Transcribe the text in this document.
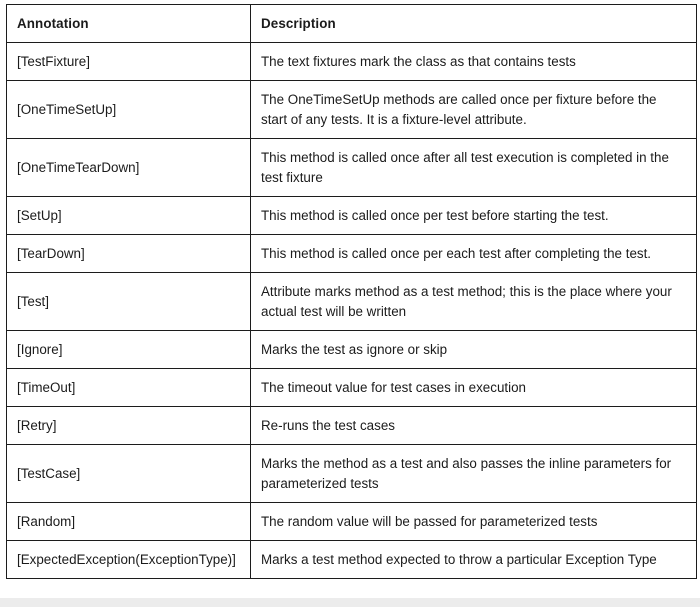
Annotation	Description
[TestFixture]	The text fixtures mark the class as that contains tests
[OneTimeSetUp]	The OneTimeSetUp methods are called once per fixture before the start of any tests. It is a fixture-level attribute.
[OneTimeTearDown]	This method is called once after all test execution is completed in the test fixture
[SetUp]	This method is called once per test before starting the test.
[TearDown]	This method is called once per each test after completing the test.
[Test]	Attribute marks method as a test method; this is the place where your actual test will be written
[Ignore]	Marks the test as ignore or skip
[TimeOut]	The timeout value for test cases in execution
[Retry]	Re-runs the test cases
[TestCase]	Marks the method as a test and also passes the inline parameters for parameterized tests
[Random]	The random value will be passed for parameterized tests
[ExpectedException(ExceptionType)]	Marks a test method expected to throw a particular Exception Type
